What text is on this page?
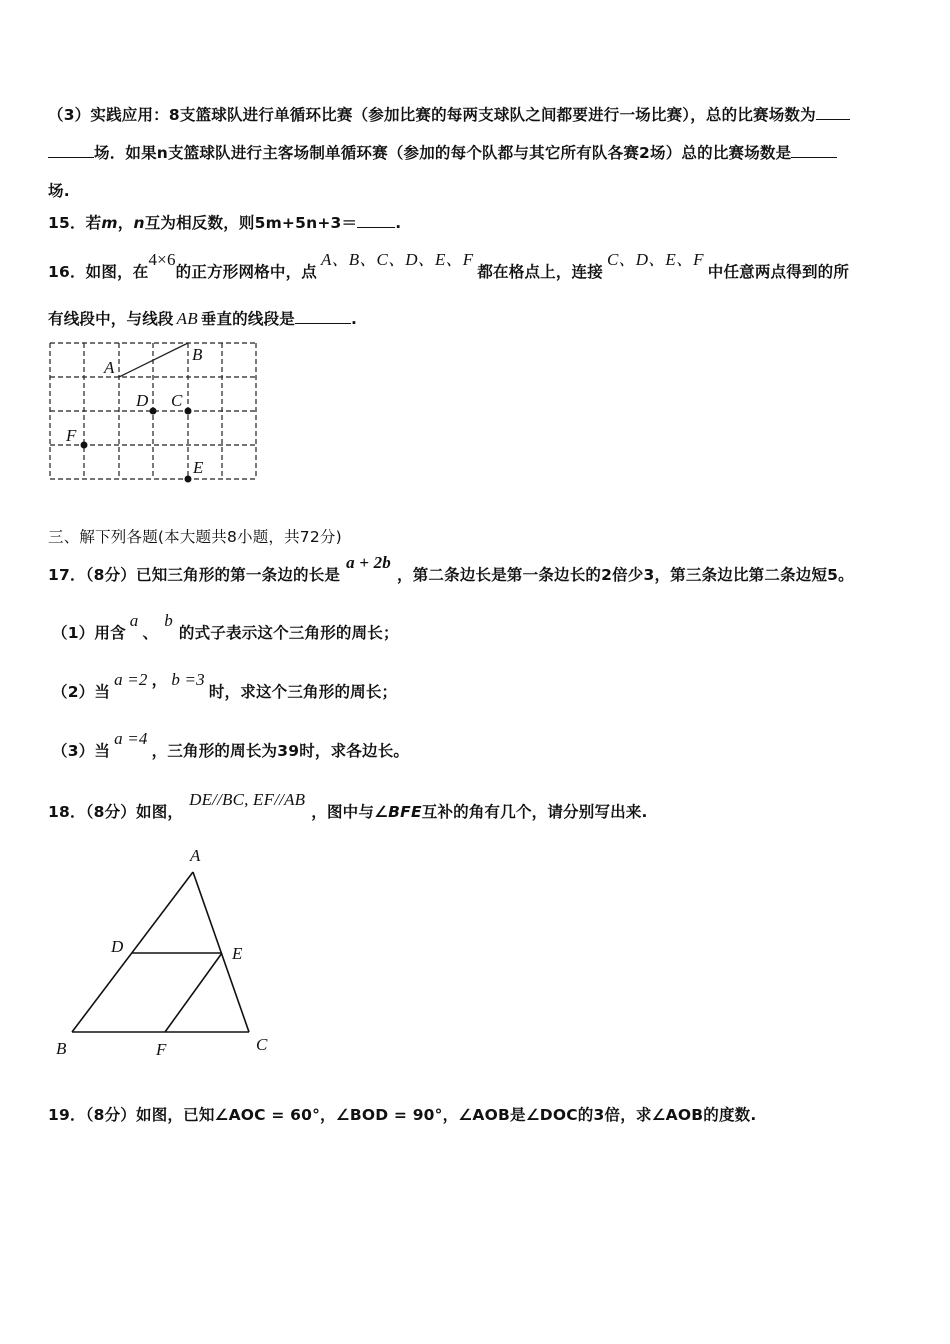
（3）实践应用：8支篮球队进行单循环比赛（参加比赛的每两支球队之间都要进行一场比赛），总的比赛场数为
场．如果n支篮球队进行主客场制单循环赛（参加的每个队都与其它所有队各赛2场）总的比赛场数是
场.
15．若m，n互为相反数，则5m+5n+3＝ .
16．如图，在4×6的正方形网格中，点A、B、C、D、E、F都在格点上，连接C、D、E、F中任意两点得到的所
有线段中，与线段 AB 垂直的线段是	.
A
B
D C
F
E
三、解下列各题(本大题共8小题，共72分)
17．（8分）已知三角形的第一条边的长是a + 2b，第二条边长是第一条边长的2倍少3，第三条边比第二条边短5。
（1）用含a、b的式子表示这个三角形的周长；
（2）当a =2 ， b =3时，求这个三角形的周长；
（3）当a =4，三角形的周长为39时，求各边长。
18．（8分）如图，DE//BC, EF//AB，图中与∠BFE互补的角有几个，请分别写出来.
A
D	E
B	F	C
19．（8分）如图，已知∠AOC = 60°，∠BOD = 90°，∠AOB是∠DOC的3倍，求∠AOB的度数.
